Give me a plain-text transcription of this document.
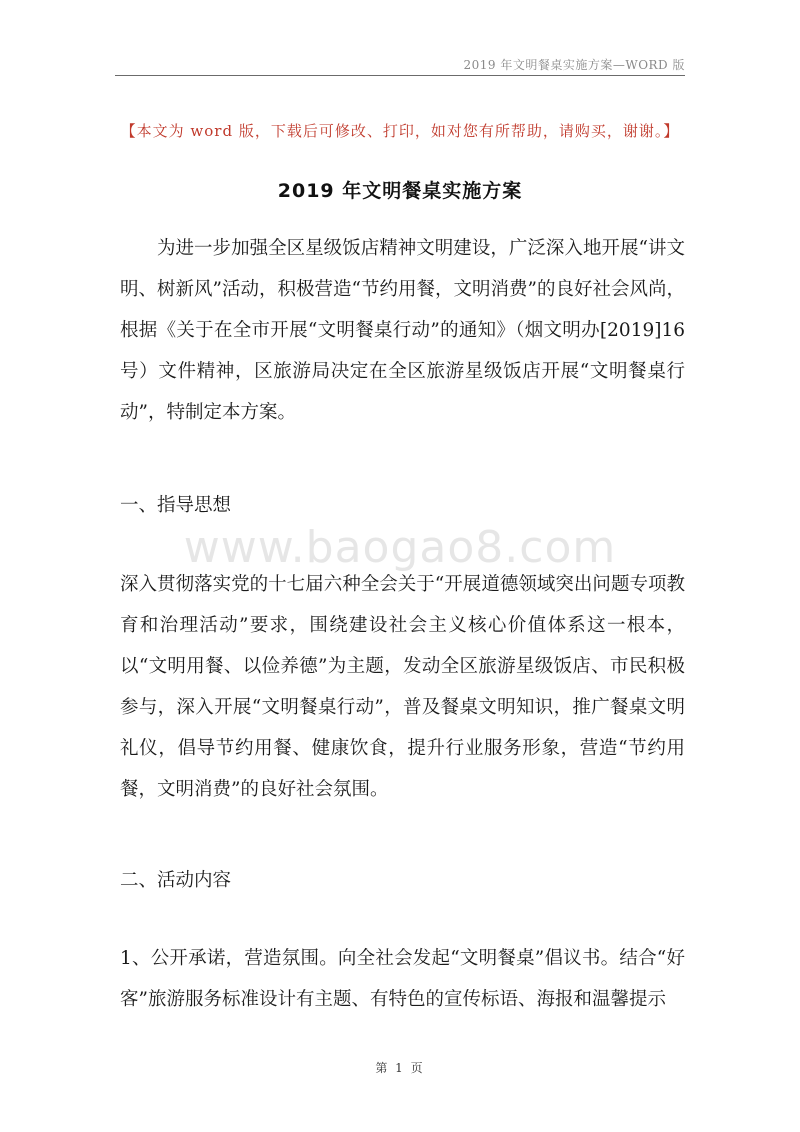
2019 年文明餐桌实施方案—WORD 版
www.baogao8.com
【本文为 word 版，下载后可修改、打印，如对您有所帮助，请购买，谢谢。】
2019 年文明餐桌实施方案

为进一步加强全区星级饭店精神文明建设，广泛深入地开展“讲文明、树新风”活动，积极营造“节约用餐，文明消费”的良好社会风尚，根据《关于在全市开展“文明餐桌行动”的通知》（烟文明办[2019]16 号）文件精神，区旅游局决定在全区旅游星级饭店开展“文明餐桌行动”，特制定本方案。

一、指导思想

深入贯彻落实党的十七届六种全会关于“开展道德领域突出问题专项教育和治理活动”要求，围绕建设社会主义核心价值体系这一根本，以“文明用餐、以俭养德”为主题，发动全区旅游星级饭店、市民积极参与，深入开展“文明餐桌行动”，普及餐桌文明知识，推广餐桌文明礼仪，倡导节约用餐、健康饮食，提升行业服务形象，营造“节约用餐，文明消费”的良好社会氛围。

二、活动内容

1、公开承诺，营造氛围。向全社会发起“文明餐桌”倡议书。结合“好客”旅游服务标准设计有主题、有特色的宣传标语、海报和温馨提示

第 1 页
